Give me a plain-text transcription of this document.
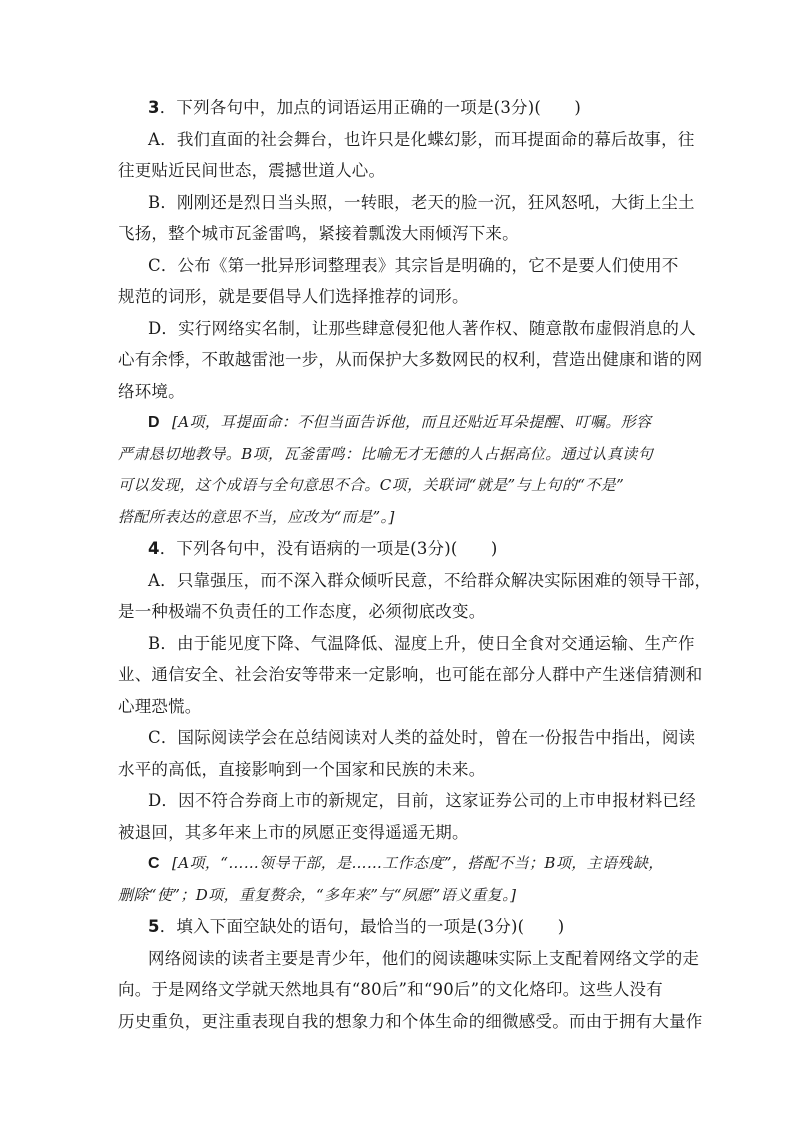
3．下列各句中，加点的词语运用正确的一项是(3分)(　　)
A．我们直面的社会舞台，也许只是化蝶幻影，而耳提面命的幕后故事，往
往更贴近民间世态，震撼世道人心。
B．刚刚还是烈日当头照，一转眼，老天的脸一沉，狂风怒吼，大街上尘土
飞扬，整个城市瓦釜雷鸣，紧接着瓢泼大雨倾泻下来。
C．公布《第一批异形词整理表》其宗旨是明确的，它不是要人们使用不
规范的词形，就是要倡导人们选择推荐的词形。
D．实行网络实名制，让那些肆意侵犯他人著作权、随意散布虚假消息的人
心有余悸，不敢越雷池一步，从而保护大多数网民的权利，营造出健康和谐的网
络环境。
D [A项，耳提面命：不但当面告诉他，而且还贴近耳朵提醒、叮嘱。形容
严肃恳切地教导。B项，瓦釜雷鸣：比喻无才无德的人占据高位。通过认真读句
可以发现，这个成语与全句意思不合。C项，关联词“就是”与上句的“不是”
搭配所表达的意思不当，应改为“而是”。]
4．下列各句中，没有语病的一项是(3分)(　　)
A．只靠强压，而不深入群众倾听民意，不给群众解决实际困难的领导干部，
是一种极端不负责任的工作态度，必须彻底改变。
B．由于能见度下降、气温降低、湿度上升，使日全食对交通运输、生产作
业、通信安全、社会治安等带来一定影响，也可能在部分人群中产生迷信猜测和
心理恐慌。
C．国际阅读学会在总结阅读对人类的益处时，曾在一份报告中指出，阅读
水平的高低，直接影响到一个国家和民族的未来。
D．因不符合券商上市的新规定，目前，这家证券公司的上市申报材料已经
被退回，其多年来上市的夙愿正变得遥遥无期。
C [A项，“……领导干部，是……工作态度”，搭配不当；B项，主语残缺，
删除“使”；D项，重复赘余，“多年来”与“夙愿”语义重复。]
5．填入下面空缺处的语句，最恰当的一项是(3分)(　　)
网络阅读的读者主要是青少年，他们的阅读趣味实际上支配着网络文学的走
向。于是网络文学就天然地具有“80后”和“90后”的文化烙印。这些人没有
历史重负，更注重表现自我的想象力和个体生命的细微感受。而由于拥有大量作
